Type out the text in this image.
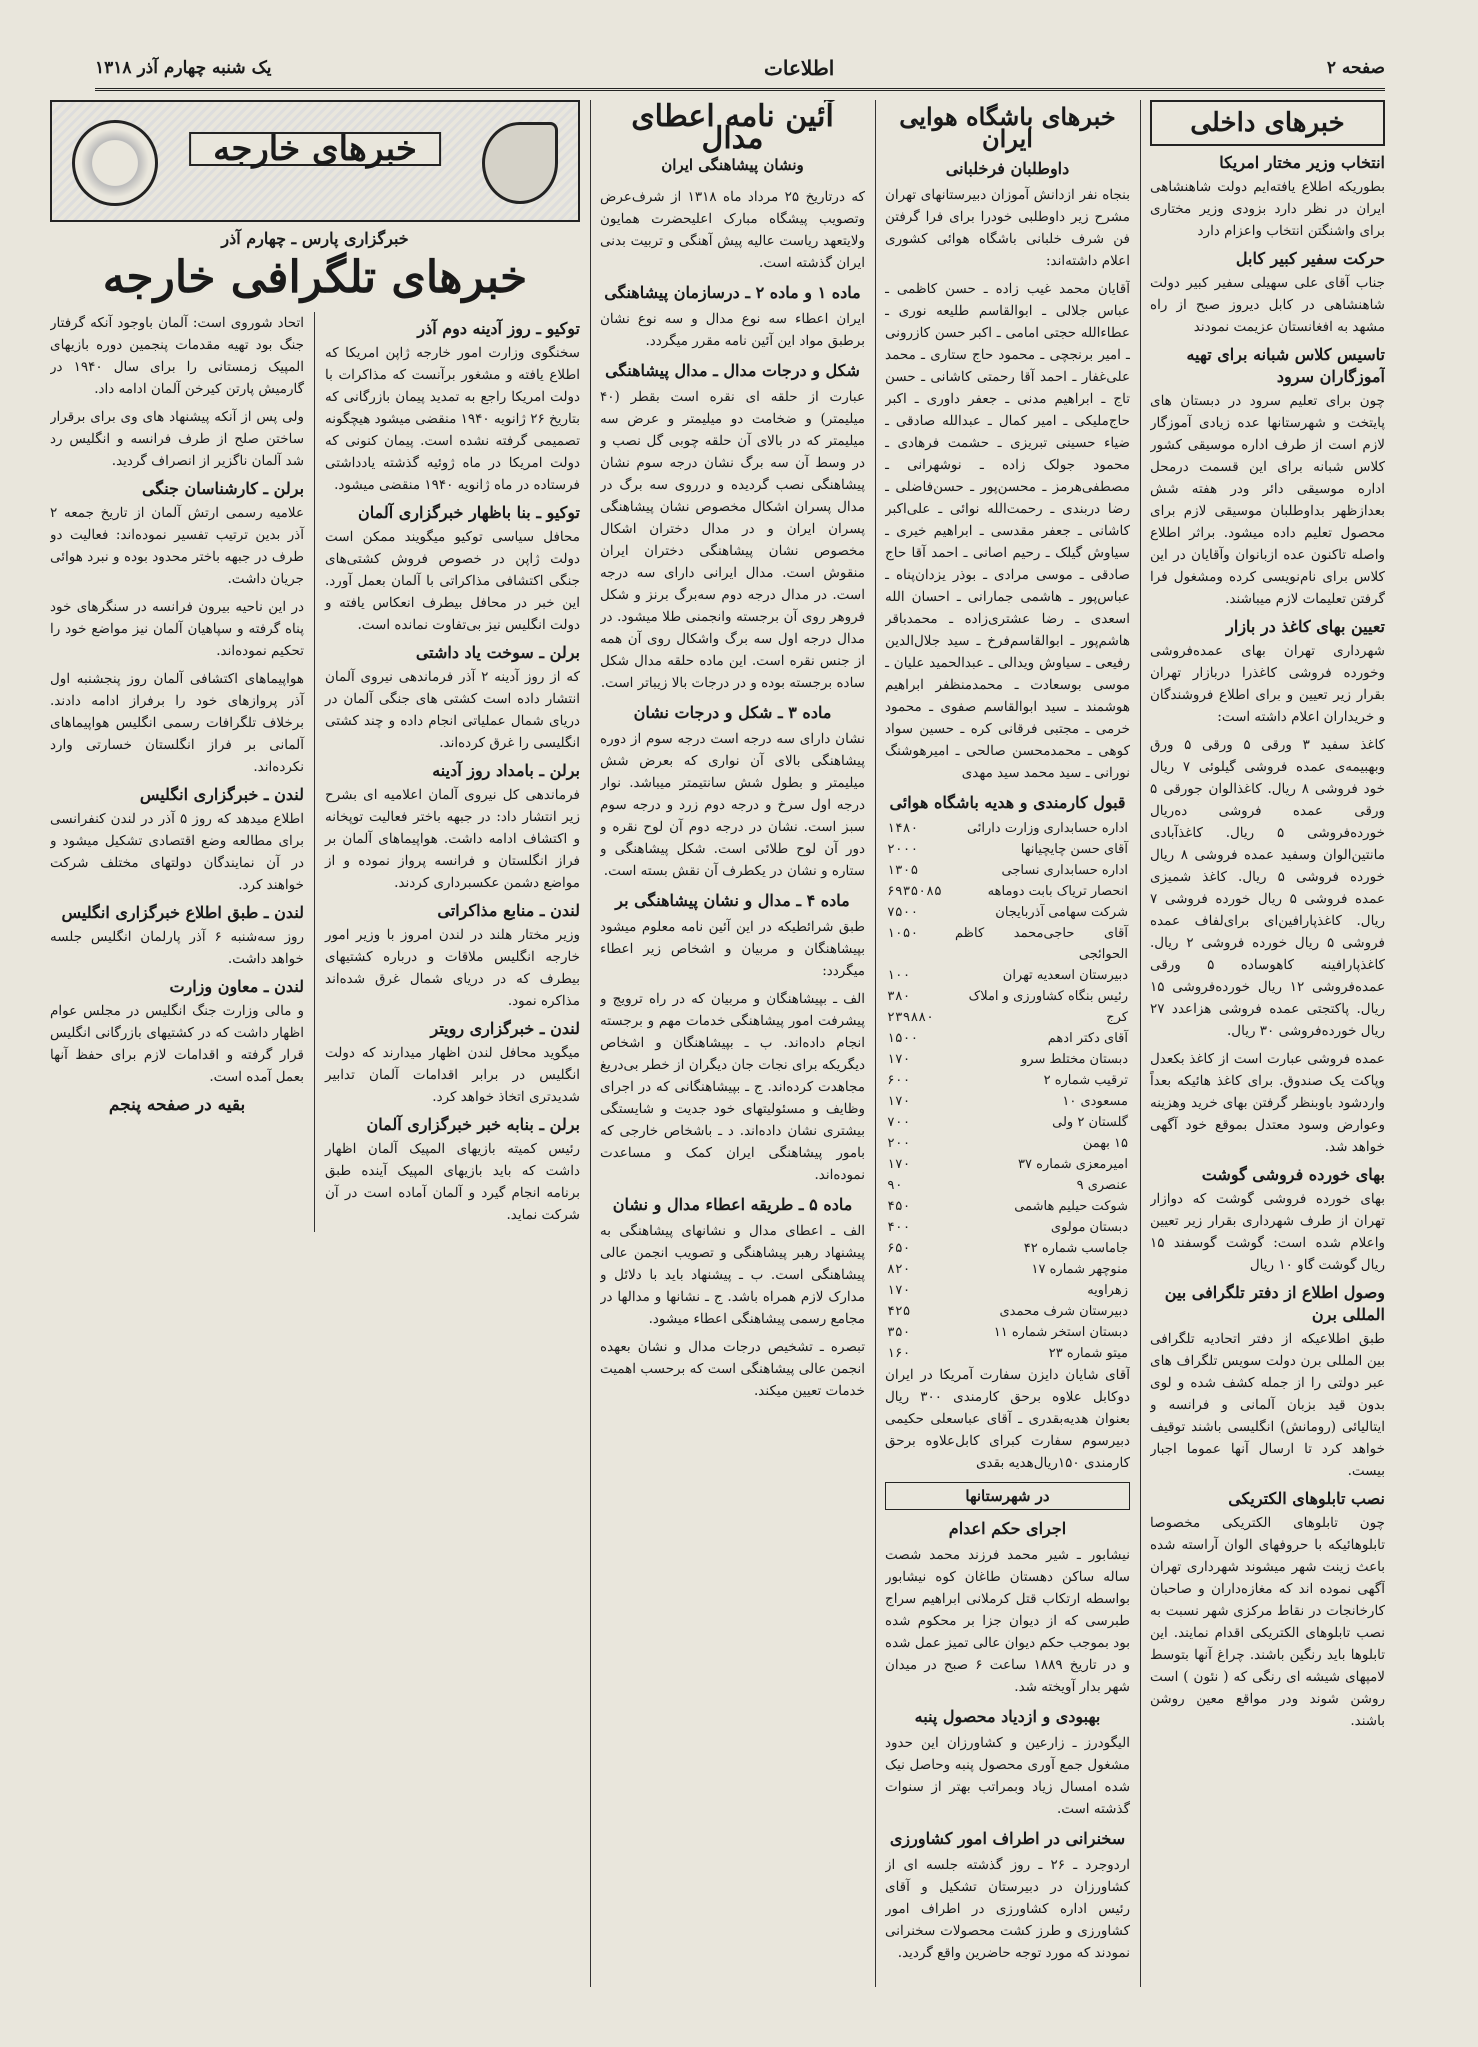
صفحه ۲
اطلاعات
یک شنبه چهارم آذر ۱۳۱۸
خبرهای داخلی
انتخاب وزیر مختار امریکا

بطوریکه اطلاع یافته‌ایم دولت شاهنشاهی ایران در نظر دارد بزودی وزیر مختاری برای واشنگتن انتخاب واعزام دارد

حرکت سفیر کبیر کابل

جناب آقای علی سهیلی سفیر کبیر دولت شاهنشاهی در کابل دیروز صبح از راه مشهد به افغانستان عزیمت نمودند

تاسیس کلاس شبانه برای تهیه آموزگاران سرود

چون برای تعلیم سرود در دبستان های پایتخت و شهرستانها عده زیادی آموزگار لازم است از طرف اداره موسیقی کشور کلاس شبانه برای این قسمت درمحل اداره موسیقی دائر ودر هفته شش بعدازظهر بداوطلبان موسیقی لازم برای محصول تعلیم داده میشود. براثر اطلاع واصله تاکنون عده ازبانوان وآقایان در این کلاس برای نام‌نویسی کرده ومشغول فرا گرفتن تعلیمات لازم میباشند.

تعیین بهای کاغذ در بازار

شهرداری تهران بهای عمده‌فروشی وخورده فروشی کاغذرا دربازار تهران بقرار زیر تعیین و برای اطلاع فروشندگان و خریداران اعلام داشته است:

کاغذ سفید ۳ ورقی ۵ ورقی ۵ ورق وبهبیمه‌ی عمده فروشی گیلوئی ۷ ریال خود فروشی ۸ ریال. کاغذالوان جورقی ۵ ورقی عمده فروشی ده‌ریال خورده‌فروشی ۵ ریال. کاغذآبادی مانتین‌الوان وسفید عمده فروشی ۸ ریال خورده فروشی ۵ ریال. کاغذ شمیزی عمده فروشی ۵ ریال خورده فروشی ۷ ریال. کاغذپارافین‌ای برای‌لفاف عمده فروشی ۵ ریال خورده فروشی ۲ ریال. کاغذپارافینه کاهوساده ۵ ورقی عمده‌فروشی ۱۲ ریال خورده‌فروشی ۱۵ ریال. پاکتجتی عمده فروشی هزاعدد ۲۷ ریال خورده‌فروشی ۳۰ ریال.

عمده فروشی عبارت است از کاغذ بکعدل وپاکت یک صندوق. برای کاغذ هائیکه بعداً واردشود باوبنظر گرفتن بهای خرید وهزینه وعوارض وسود معتدل بموقع خود آگهی خواهد شد.

بهای خورده فروشی گوشت

بهای خورده فروشی گوشت که دوازار تهران از طرف شهرداری بقرار زیر تعیین واعلام شده است: گوشت گوسفند ۱۵ ریال گوشت گاو ۱۰ ریال

وصول اطلاع از دفتر تلگرافی بین المللی برن

طبق اطلاعیکه از دفتر اتحادیه تلگرافی بین المللی برن دولت سویس تلگراف های عبر دولتی را از جمله کشف شده و لوی بدون قید بزبان آلمانی و فرانسه و ایتالیائی (رومانش) انگلیسی باشند توقیف خواهد کرد تا ارسال آنها عموما اجبار بیست.

نصب تابلوهای الکتریکی

چون تابلوهای الکتریکی مخصوصا تابلوهائیکه با حروفهای الوان آراسته شده باعث زینت شهر میشوند شهرداری تهران آگهی نموده اند که مغازه‌داران و صاحبان کارخانجات در نقاط مرکزی شهر نسبت به نصب تابلوهای الکتریکی اقدام نمایند. این تابلوها باید رنگین باشند. چراغ آنها بتوسط لامپهای شیشه ای رنگی که ( نئون ) است روشن شوند ودر مواقع معین روشن باشند.

خبرهای باشگاه هوایی ایران
داوطلبان فرخلبانی

بنجاه نفر ازدانش آموزان دبیرستانهای تهران مشرح زیر داوطلبی خودرا برای فرا گرفتن فن شرف خلبانی باشگاه هوائی کشوری اعلام داشته‌اند:

آقایان محمد غیب زاده ـ حسن کاظمی ـ عباس جلالی ـ ابوالقاسم طلیعه نوری ـ عطاءالله حجتی امامی ـ اکبر حسن کازرونی ـ امیر برنجچی ـ محمود حاج ستاری ـ محمد علی‌غفار ـ احمد آقا رحمتی کاشانی ـ حسن تاج ـ ابراهیم مدنی ـ جعفر داوری ـ اکبر حاج‌ملیکی ـ امیر کمال ـ عبدالله صادقی ـ ضیاء حسینی تبریزی ـ حشمت فرهادی ـ محمود جولک زاده ـ نوشهرانی ـ مصطفی‌هرمز ـ محسن‌پور ـ حسن‌فاضلی ـ رضا دربندی ـ رحمت‌الله نوائی ـ علی‌اکبر کاشانی ـ جعفر مقدسی ـ ابراهیم خیری ـ سیاوش گیلک ـ رحیم اصانی ـ احمد آقا حاج صادقی ـ موسی مرادی ـ بوذر یزدان‌پناه ـ عباس‌پور ـ هاشمی جمارانی ـ احسان الله اسعدی ـ رضا عشتری‌زاده ـ محمد‌باقر هاشم‌پور ـ ابوالقاسم‌فرخ ـ سید جلال‌الدین رفیعی ـ سیاوش ویدالی ـ عبدالحمید علیان ـ موسی بوسعادت ـ محمدمنظفر ابراهیم هوشمند ـ سید ابوالقاسم صفوی ـ محمود خرمی ـ مجتبی فرقانی کره ـ حسین سواد کوهی ـ محمدمحسن صالحی ـ امیرهوشنگ نورانی ـ سید محمد سید مهدی

قبول کارمندی و هدیه باشگاه هوائی
اداره حسابداری وزارت دارائی	۱۴۸۰
آقای حسن چایچیانها	۲۰۰۰
اداره حسابداری نساجی	۱۳۰۵
انحصار تریاک بابت دوماهه	۶۹۳۵۰۸۵
شرکت سهامی آذربایجان	۷۵۰۰
آقای حاجی‌محمد کاظم الحوائجی	۱۰۵۰
دبیرستان اسعدیه تهران	۱۰۰
رئیس بنگاه کشاورزی و املاک	۳۸۰
کرج	۲۳۹۸۸۰
آقای دکتر ادهم	۱۵۰۰
دبستان مختلط سرو	۱۷۰
ترقیب شماره ۲	۶۰۰
مسعودی ۱۰	۱۷۰
گلستان ۲ ولی	۷۰۰
۱۵ بهمن	۲۰۰
امیرمعزی شماره ۳۷	۱۷۰
عنصری ۹	۹۰
شوکت حیلیم هاشمی	۴۵۰
دبستان مولوی	۴۰۰
جاماسب شماره ۴۲	۶۵۰
منوچهر شماره ۱۷	۸۲۰
زهراویه	۱۷۰
دبیرستان شرف محمدی	۴۲۵
دبستان استخر شماره ۱۱	۳۵۰
میتو شماره ۲۳	۱۶۰

آقای شایان دایزن سفارت آمریکا در ایران دوکابل علاوه برحق کارمندی ۳۰۰ ریال بعنوان هدیه‌بقدری ـ آقای عباسعلی حکیمی دبیرسوم سفارت کبرای کابل‌علاوه برحق کارمندی ۱۵۰ریال‌هدیه بقدی

در شهرستانها
اجرای حکم اعدام

نیشابور ـ شیر محمد فرزند محمد شصت ساله ساکن دهستان طاغان کوه نیشابور بواسطه ارتکاب قتل کرملانی ابراهیم سراج طبرسی که از دیوان جزا بر محکوم شده بود بموجب حکم دیوان عالی تمیز عمل شده و در تاریخ ۱۸۸۹ ساعت ۶ صبح در میدان شهر بدار آویخته شد.

بهبودی و ازدیاد محصول پنبه

الیگودرز ـ زارعین و کشاورزان این حدود مشغول جمع آوری محصول پنبه وحاصل نیک شده امسال زیاد وبمراتب بهتر از سنوات گذشته است.

سخنرانی در اطراف امور کشاورزی

اردوجرد ـ ۲۶ ـ روز گذشته جلسه ای از کشاورزان در دبیرستان تشکیل و آقای رئیس اداره کشاورزی در اطراف امور کشاورزی و طرز کشت محصولات سخنرانی نمودند که مورد توجه حاضرین واقع گردید.

آئین نامه اعطای مدال
ونشان پیشاهنگی ایران

که درتاریخ ۲۵ مرداد ماه ۱۳۱۸ از شرف‌عرض وتصویب پیشگاه مبارک اعلیحضرت همایون ولایتعهد ریاست عالیه پیش آهنگی و تربیت بدنی ایران گذشته است.

ماده ۱ و ماده ۲ ـ درسازمان پیشاهنگی

ایران اعطاء سه نوع مدال و سه نوع نشان برطبق مواد این آئین نامه مقرر میگردد.

شکل و درجات مدال ـ مدال پیشاهنگی

عبارت از حلقه ای نقره است بقطر (۴۰ میلیمتر) و ضخامت دو میلیمتر و عرض سه میلیمتر که در بالای آن حلقه چوبی گل نصب و در وسط آن سه برگ نشان درجه سوم نشان پیشاهنگی نصب گردیده و درروی سه برگ در مدال پسران اشکال مخصوص نشان پیشاهنگی پسران ایران و در مدال دختران اشکال مخصوص نشان پیشاهنگی دختران ایران منقوش است. مدال ایرانی دارای سه درجه است. در مدال درجه دوم سه‌برگ برنز و شکل فروهر روی آن برجسته وانجمنی طلا میشود. در مدال درجه اول سه برگ واشکال روی آن همه از جنس نقره است. این ماده حلقه مدال شکل ساده برجسته بوده و در درجات بالا زیباتر است.

ماده ۳ ـ شکل و درجات نشان

نشان دارای سه درجه است درجه سوم از دوره پیشاهنگی بالای آن نواری که بعرض شش میلیمتر و بطول شش سانتیمتر میباشد. نوار درجه اول سرخ و درجه دوم زرد و درجه سوم سبز است. نشان در درجه دوم آن لوح نقره و دور آن لوح طلائی است. شکل پیشاهنگی و ستاره و نشان در یکطرف آن نقش بسته است.

ماده ۴ ـ مدال و نشان پیشاهنگی بر

طبق شرائطیکه در این آئین نامه معلوم میشود بپیشاهنگان و مربیان و اشخاص زیر اعطاء میگردد:

الف ـ بپیشاهنگان و مربیان که در راه ترویج و پیشرفت امور پیشاهنگی خدمات مهم و برجسته انجام داده‌اند. ب ـ بپیشاهنگان و اشخاص دیگریکه برای نجات جان دیگران از خطر بی‌دریغ مجاهدت کرده‌اند. ج ـ بپیشاهنگانی که در اجرای وظایف و مسئولیتهای خود جدیت و شایستگی بیشتری نشان داده‌اند. د ـ باشخاص خارجی که بامور پیشاهنگی ایران کمک و مساعدت نموده‌اند.

ماده ۵ ـ طریقه اعطاء مدال و نشان

الف ـ اعطای مدال و نشانهای پیشاهنگی به پیشنهاد رهبر پیشاهنگی و تصویب انجمن عالی پیشاهنگی است. ب ـ پیشنهاد باید با دلائل و مدارک لازم همراه باشد. ج ـ نشانها و مدالها در مجامع رسمی پیشاهنگی اعطاء میشود.

تبصره ـ تشخیص درجات مدال و نشان بعهده انجمن عالی پیشاهنگی است که برحسب اهمیت خدمات تعیین میکند.

خبرهای خارجه
خبرگزاری پارس ـ چهارم آذر
خبرهای تلگرافی خارجه
توکیو ـ روز آدینه دوم آذر

سخنگوی وزارت امور خارجه ژاپن امریکا که اطلاع یافته و مشغور برآنست که مذاکرات با دولت امریکا راجع به تمدید پیمان بازرگانی که بتاریخ ۲۶ ژانویه ۱۹۴۰ منقضی میشود هیچگونه تصمیمی گرفته نشده است. پیمان کنونی که دولت امریکا در ماه ژوئیه گذشته یادداشتی فرستاده در ماه ژانویه ۱۹۴۰ منقضی میشود.

توکیو ـ بنا باظهار خبرگزاری آلمان

محافل سیاسی توکیو میگویند ممکن است دولت ژاپن در خصوص فروش کشتی‌های جنگی اکتشافی مذاکراتی با آلمان بعمل آورد. این خبر در محافل بیطرف انعکاس یافته و دولت انگلیس نیز بی‌تفاوت نمانده است.

برلن ـ سوخت یاد داشتی

که از روز آدینه ۲ آذر فرماندهی نیروی آلمان انتشار داده است کشتی های جنگی آلمان در دریای شمال عملیاتی انجام داده و چند کشتی انگلیسی را غرق کرده‌اند.

برلن ـ بامداد روز آدینه

فرماندهی کل نیروی آلمان اعلامیه ای بشرح زیر انتشار داد: در جبهه باختر فعالیت توپخانه و اکتشاف ادامه داشت. هواپیماهای آلمان بر فراز انگلستان و فرانسه پرواز نموده و از مواضع دشمن عکسبرداری کردند.

لندن ـ منابع مذاکراتی

وزیر مختار هلند در لندن امروز با وزیر امور خارجه انگلیس ملاقات و درباره کشتیهای بیطرف که در دریای شمال غرق شده‌اند مذاکره نمود.

لندن ـ خبرگزاری رویتر

میگوید محافل لندن اظهار میدارند که دولت انگلیس در برابر اقدامات آلمان تدابیر شدیدتری اتخاذ خواهد کرد.

برلن ـ بنابه خبر خبرگزاری آلمان

رئیس کمیته بازیهای المپیک آلمان اظهار داشت که باید بازیهای المپیک آینده طبق برنامه انجام گیرد و آلمان آماده است در آن شرکت نماید.

اتحاد شوروی است: آلمان باوجود آنکه گرفتار جنگ بود تهیه مقدمات پنجمین دوره بازیهای المپیک زمستانی را برای سال ۱۹۴۰ در گارمیش پارتن کیرخن آلمان ادامه داد.

ولی پس از آنکه پیشنهاد های وی برای برقرار ساختن صلح از طرف فرانسه و انگلیس رد شد آلمان ناگزیر از انصراف گردید.

برلن ـ کارشناسان جنگی

علامیه رسمی ارتش آلمان از تاریخ جمعه ۲ آذر بدین ترتیب تفسیر نموده‌اند: فعالیت دو طرف در جبهه باختر محدود بوده و نبرد هوائی جریان داشت.

در این ناحیه بیرون فرانسه در سنگرهای خود پناه گرفته و سپاهیان آلمان نیز مواضع خود را تحکیم نموده‌اند.

هواپیماهای اکتشافی آلمان روز پنجشنبه اول آذر پروازهای خود را برفراز ادامه دادند. برخلاف تلگرافات رسمی انگلیس هواپیماهای آلمانی بر فراز انگلستان خسارتی وارد نکرده‌اند.

لندن ـ خبرگزاری انگلیس

اطلاع میدهد که روز ۵ آذر در لندن کنفرانسی برای مطالعه وضع اقتصادی تشکیل میشود و در آن نمایندگان دولتهای مختلف شرکت خواهند کرد.

لندن ـ طبق اطلاع خبرگزاری انگلیس

روز سه‌شنبه ۶ آذر پارلمان انگلیس جلسه خواهد داشت.

لندن ـ معاون وزارت

و مالی وزارت جنگ انگلیس در مجلس عوام اظهار داشت که در کشتیهای بازرگانی انگلیس قرار گرفته و اقدامات لازم برای حفظ آنها بعمل آمده است.

بقیه در صفحه پنجم
